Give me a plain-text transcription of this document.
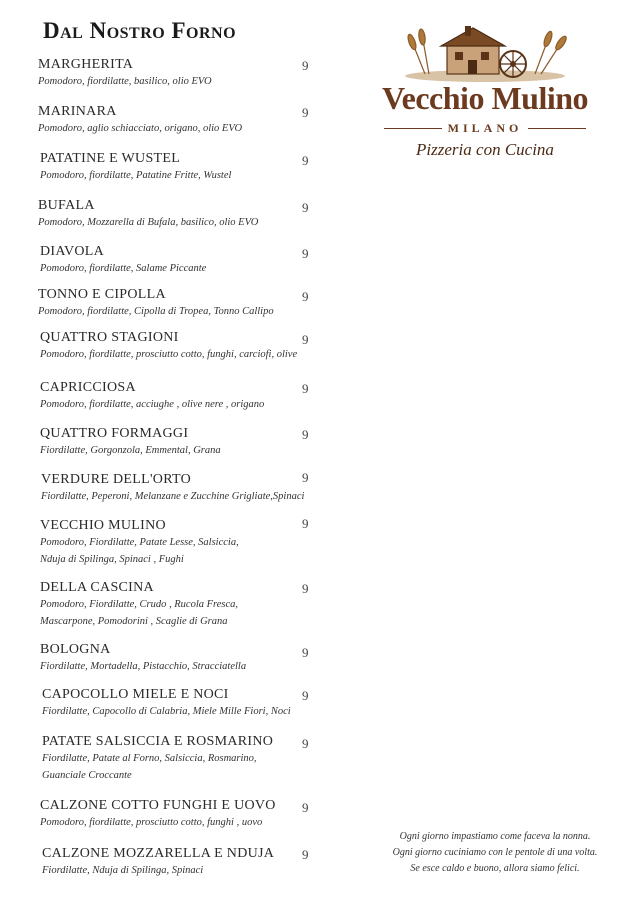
Dal Nostro Forno
MARGHERITA
Pomodoro, fiordilatte, basilico, olio EVO
9
MARINARA
Pomodoro, aglio schiacciato, origano, olio EVO
9
PATATINE E WUSTEL
Pomodoro, fiordilatte, Patatine Fritte, Wustel
9
BUFALA
Pomodoro, Mozzarella di Bufala, basilico, olio EVO
9
DIAVOLA
Pomodoro, fiordilatte, Salame Piccante
9
TONNO E CIPOLLA
Pomodoro, fiordilatte, Cipolla di Tropea, Tonno Callipo
9
QUATTRO STAGIONI
Pomodoro, fiordilatte, prosciutto cotto, funghi, carciofi, olive
9
CAPRICCIOSA
Pomodoro, fiordilatte, acciughe , olive nere , origano
9
QUATTRO FORMAGGI
Fiordilatte, Gorgonzola, Emmental, Grana
9
VERDURE DELL'ORTO
Fiordilatte, Peperoni, Melanzane e Zucchine Grigliate,Spinaci
9
VECCHIO MULINO
Pomodoro, Fiordilatte, Patate Lesse, Salsiccia,
Nduja di Spilinga, Spinaci , Fughi
9
DELLA CASCINA
Pomodoro, Fiordilatte, Crudo , Rucola Fresca,
Mascarpone, Pomodorini , Scaglie di Grana
9
BOLOGNA
Fiordilatte, Mortadella, Pistacchio, Stracciatella
9
CAPOCOLLO MIELE E NOCI
Fiordilatte, Capocollo di Calabria, Miele Mille Fiori, Noci
9
PATATE SALSICCIA E ROSMARINO
Fiordilatte, Patate al Forno, Salsiccia, Rosmarino,
Guanciale Croccante
9
CALZONE COTTO FUNGHI E UOVO
Pomodoro, fiordilatte, prosciutto cotto, funghi , uovo
9
CALZONE MOZZARELLA E NDUJA
Fiordilatte, Nduja di Spilinga, Spinaci
9
Vecchio Mulino
MILANO
Pizzeria con Cucina
Ogni giorno impastiamo come faceva la nonna.
Ogni giorno cuciniamo con le pentole di una volta.
Se esce caldo e buono, allora siamo felici.
